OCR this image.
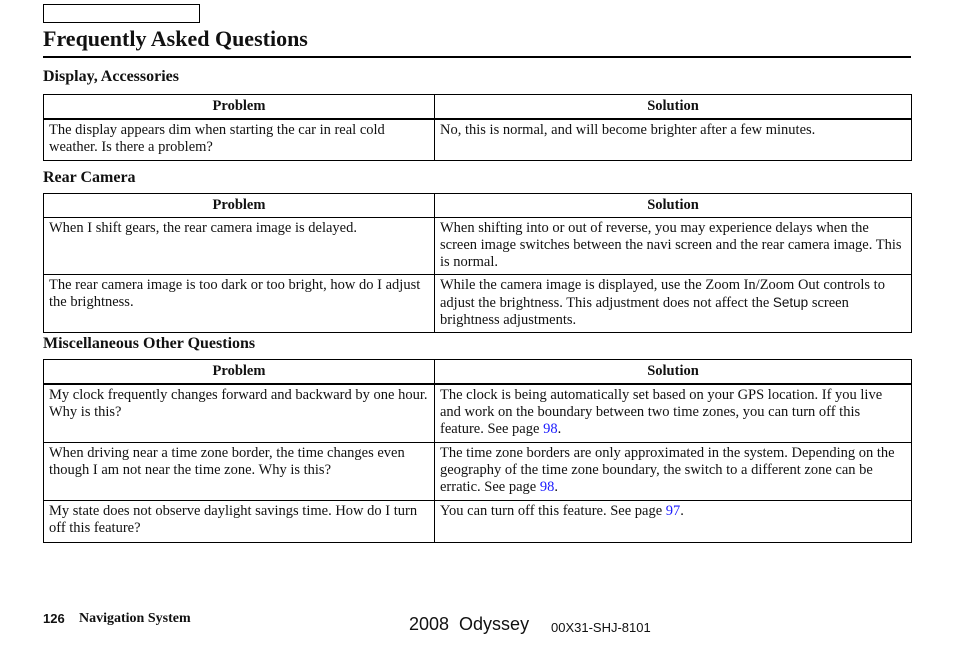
Frequently Asked Questions
Display, Accessories
Problem	Solution
The display appears dim when starting the car in real cold weather. Is there a problem?	No, this is normal, and will become brighter after a few minutes.
Rear Camera
Problem	Solution
When I shift gears, the rear camera image is delayed.	When shifting into or out of reverse, you may experience delays when the screen image switches between the navi screen and the rear camera image. This is normal.
The rear camera image is too dark or too bright, how do I adjust the brightness.	While the camera image is displayed, use the Zoom In/Zoom Out controls to adjust the brightness. This adjustment does not affect the Setup screen brightness adjustments.
Miscellaneous Other Questions
Problem	Solution
My clock frequently changes forward and backward by one hour. Why is this?	The clock is being automatically set based on your GPS location. If you live and work on the boundary between two time zones, you can turn off this feature. See page 98.
When driving near a time zone border, the time changes even though I am not near the time zone. Why is this?	The time zone borders are only approximated in the system. Depending on the geography of the time zone boundary, the switch to a different zone can be erratic. See page 98.
My state does not observe daylight savings time. How do I turn off this feature?	You can turn off this feature. See page 97.
126 Navigation System	2008  Odyssey 00X31-SHJ-8101
